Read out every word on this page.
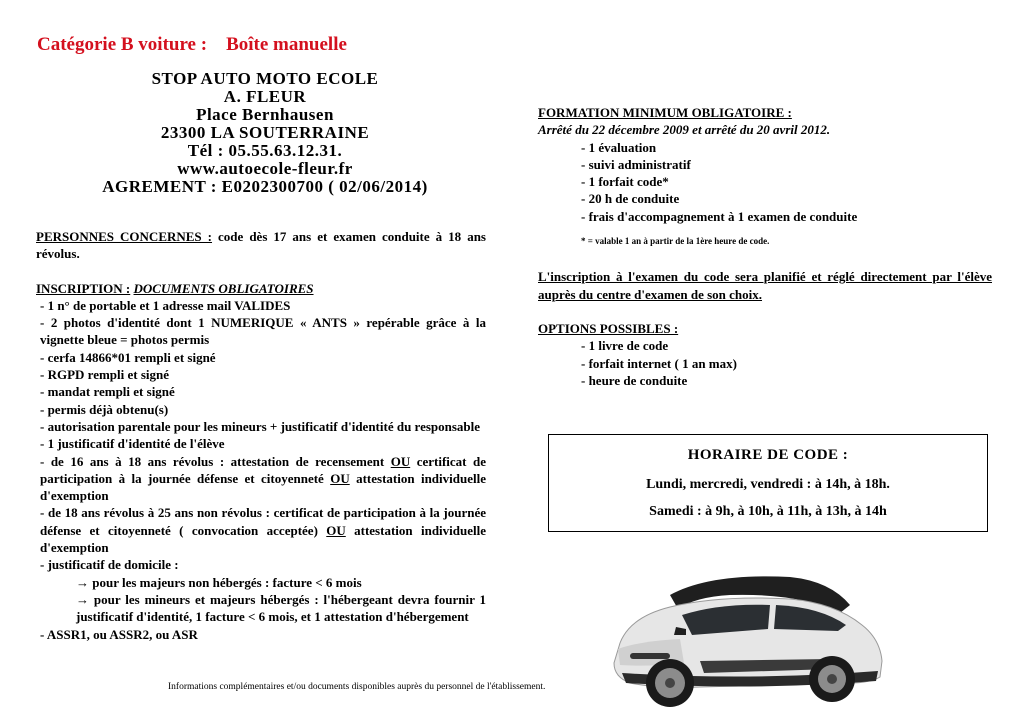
Catégorie B voiture :    Boîte manuelle
STOP AUTO MOTO ECOLE
A. FLEUR
Place Bernhausen
23300 LA SOUTERRAINE
Tél : 05.55.63.12.31.
www.autoecole-fleur.fr
AGREMENT : E0202300700 ( 02/06/2014)

PERSONNES CONCERNES : code dès 17 ans et examen conduite à 18 ans révolus.

INSCRIPTION : DOCUMENTS OBLIGATOIRES

- 1 n° de portable et 1 adresse mail VALIDES

- 2 photos d'identité dont 1 NUMERIQUE « ANTS » repérable grâce à la vignette bleue = photos permis

- cerfa 14866*01 rempli et signé

- RGPD rempli et signé

- mandat rempli et signé

- permis déjà obtenu(s)

- autorisation parentale pour les mineurs + justificatif d'identité du responsable

- 1 justificatif d'identité de l'élève

- de 16 ans à 18 ans révolus : attestation de recensement OU certificat de participation à la journée défense et citoyenneté OU attestation individuelle d'exemption

- de 18 ans révolus à 25 ans non révolus : certificat de participation à la journée défense et citoyenneté ( convocation acceptée) OU attestation individuelle d'exemption

- justificatif de domicile :

→ pour les majeurs non hébergés : facture < 6 mois

→ pour les mineurs et majeurs hébergés : l'hébergeant devra fournir 1 justificatif d'identité, 1 facture < 6 mois, et 1 attestation d'hébergement

- ASSR1, ou ASSR2, ou ASR

FORMATION MINIMUM OBLIGATOIRE :

Arrêté du 22 décembre 2009 et arrêté du 20 avril 2012.

- 1 évaluation

- suivi administratif

- 1 forfait code*

- 20 h de conduite

- frais d'accompagnement à 1 examen de conduite

* = valable 1 an à partir de la 1ère heure de code.

L'inscription à l'examen du code sera planifié et réglé directement par l'élève auprès du centre d'examen de son choix.

OPTIONS POSSIBLES :

- 1 livre de code

- forfait internet ( 1 an max)

- heure de conduite

HORAIRE DE CODE :
Lundi, mercredi, vendredi : à 14h, à 18h.
Samedi : à 9h, à 10h, à 11h, à 13h, à 14h
Informations complémentaires et/ou documents disponibles auprès du personnel de l'établissement.
